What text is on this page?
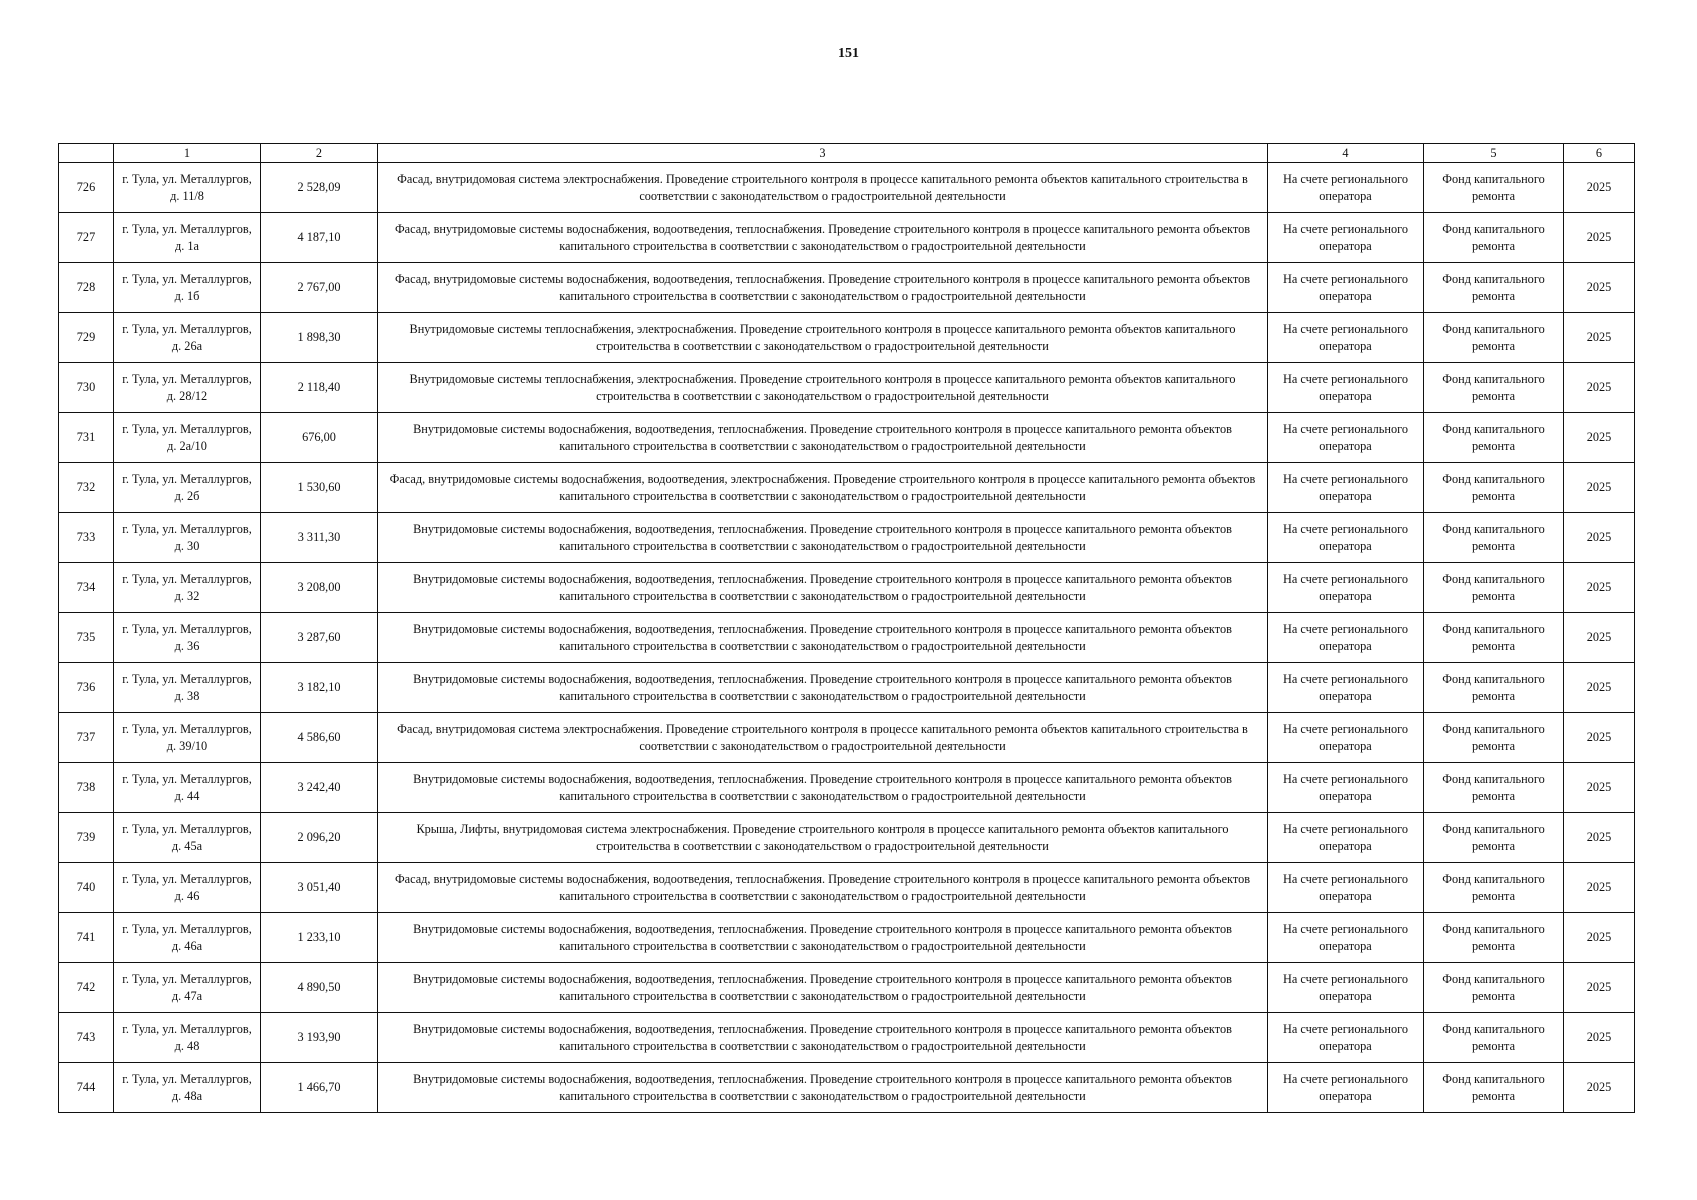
151
	1	2	3	4	5	6
726	г. Тула, ул. Металлургов, д. 11/8	2 528,09	Фасад, внутридомовая система электроснабжения. Проведение строительного контроля в процессе капитального ремонта объектов капитального строительства в соответствии с законодательством о градостроительной деятельности	На счете регионального оператора	Фонд капитального ремонта	2025
727	г. Тула, ул. Металлургов, д. 1а	4 187,10	Фасад, внутридомовые системы водоснабжения, водоотведения, теплоснабжения. Проведение строительного контроля в процессе капитального ремонта объектов капитального строительства в соответствии с законодательством о градостроительной деятельности	На счете регионального оператора	Фонд капитального ремонта	2025
728	г. Тула, ул. Металлургов, д. 1б	2 767,00	Фасад, внутридомовые системы водоснабжения, водоотведения, теплоснабжения. Проведение строительного контроля в процессе капитального ремонта объектов капитального строительства в соответствии с законодательством о градостроительной деятельности	На счете регионального оператора	Фонд капитального ремонта	2025
729	г. Тула, ул. Металлургов, д. 26а	1 898,30	Внутридомовые системы теплоснабжения, электроснабжения. Проведение строительного контроля в процессе капитального ремонта объектов капитального строительства в соответствии с законодательством о градостроительной деятельности	На счете регионального оператора	Фонд капитального ремонта	2025
730	г. Тула, ул. Металлургов, д. 28/12	2 118,40	Внутридомовые системы теплоснабжения, электроснабжения. Проведение строительного контроля в процессе капитального ремонта объектов капитального строительства в соответствии с законодательством о градостроительной деятельности	На счете регионального оператора	Фонд капитального ремонта	2025
731	г. Тула, ул. Металлургов, д. 2а/10	676,00	Внутридомовые системы водоснабжения, водоотведения, теплоснабжения. Проведение строительного контроля в процессе капитального ремонта объектов капитального строительства в соответствии с законодательством о градостроительной деятельности	На счете регионального оператора	Фонд капитального ремонта	2025
732	г. Тула, ул. Металлургов, д. 2б	1 530,60	Фасад, внутридомовые системы водоснабжения, водоотведения, электроснабжения. Проведение строительного контроля в процессе капитального ремонта объектов капитального строительства в соответствии с законодательством о градостроительной деятельности	На счете регионального оператора	Фонд капитального ремонта	2025
733	г. Тула, ул. Металлургов, д. 30	3 311,30	Внутридомовые системы водоснабжения, водоотведения, теплоснабжения. Проведение строительного контроля в процессе капитального ремонта объектов капитального строительства в соответствии с законодательством о градостроительной деятельности	На счете регионального оператора	Фонд капитального ремонта	2025
734	г. Тула, ул. Металлургов, д. 32	3 208,00	Внутридомовые системы водоснабжения, водоотведения, теплоснабжения. Проведение строительного контроля в процессе капитального ремонта объектов капитального строительства в соответствии с законодательством о градостроительной деятельности	На счете регионального оператора	Фонд капитального ремонта	2025
735	г. Тула, ул. Металлургов, д. 36	3 287,60	Внутридомовые системы водоснабжения, водоотведения, теплоснабжения. Проведение строительного контроля в процессе капитального ремонта объектов капитального строительства в соответствии с законодательством о градостроительной деятельности	На счете регионального оператора	Фонд капитального ремонта	2025
736	г. Тула, ул. Металлургов, д. 38	3 182,10	Внутридомовые системы водоснабжения, водоотведения, теплоснабжения. Проведение строительного контроля в процессе капитального ремонта объектов капитального строительства в соответствии с законодательством о градостроительной деятельности	На счете регионального оператора	Фонд капитального ремонта	2025
737	г. Тула, ул. Металлургов, д. 39/10	4 586,60	Фасад, внутридомовая система электроснабжения. Проведение строительного контроля в процессе капитального ремонта объектов капитального строительства в соответствии с законодательством о градостроительной деятельности	На счете регионального оператора	Фонд капитального ремонта	2025
738	г. Тула, ул. Металлургов, д. 44	3 242,40	Внутридомовые системы водоснабжения, водоотведения, теплоснабжения. Проведение строительного контроля в процессе капитального ремонта объектов капитального строительства в соответствии с законодательством о градостроительной деятельности	На счете регионального оператора	Фонд капитального ремонта	2025
739	г. Тула, ул. Металлургов, д. 45а	2 096,20	Крыша, Лифты, внутридомовая система электроснабжения. Проведение строительного контроля в процессе капитального ремонта объектов капитального строительства в соответствии с законодательством о градостроительной деятельности	На счете регионального оператора	Фонд капитального ремонта	2025
740	г. Тула, ул. Металлургов, д. 46	3 051,40	Фасад, внутридомовые системы водоснабжения, водоотведения, теплоснабжения. Проведение строительного контроля в процессе капитального ремонта объектов капитального строительства в соответствии с законодательством о градостроительной деятельности	На счете регионального оператора	Фонд капитального ремонта	2025
741	г. Тула, ул. Металлургов, д. 46а	1 233,10	Внутридомовые системы водоснабжения, водоотведения, теплоснабжения. Проведение строительного контроля в процессе капитального ремонта объектов капитального строительства в соответствии с законодательством о градостроительной деятельности	На счете регионального оператора	Фонд капитального ремонта	2025
742	г. Тула, ул. Металлургов, д. 47а	4 890,50	Внутридомовые системы водоснабжения, водоотведения, теплоснабжения. Проведение строительного контроля в процессе капитального ремонта объектов капитального строительства в соответствии с законодательством о градостроительной деятельности	На счете регионального оператора	Фонд капитального ремонта	2025
743	г. Тула, ул. Металлургов, д. 48	3 193,90	Внутридомовые системы водоснабжения, водоотведения, теплоснабжения. Проведение строительного контроля в процессе капитального ремонта объектов капитального строительства в соответствии с законодательством о градостроительной деятельности	На счете регионального оператора	Фонд капитального ремонта	2025
744	г. Тула, ул. Металлургов, д. 48а	1 466,70	Внутридомовые системы водоснабжения, водоотведения, теплоснабжения. Проведение строительного контроля в процессе капитального ремонта объектов капитального строительства в соответствии с законодательством о градостроительной деятельности	На счете регионального оператора	Фонд капитального ремонта	2025
